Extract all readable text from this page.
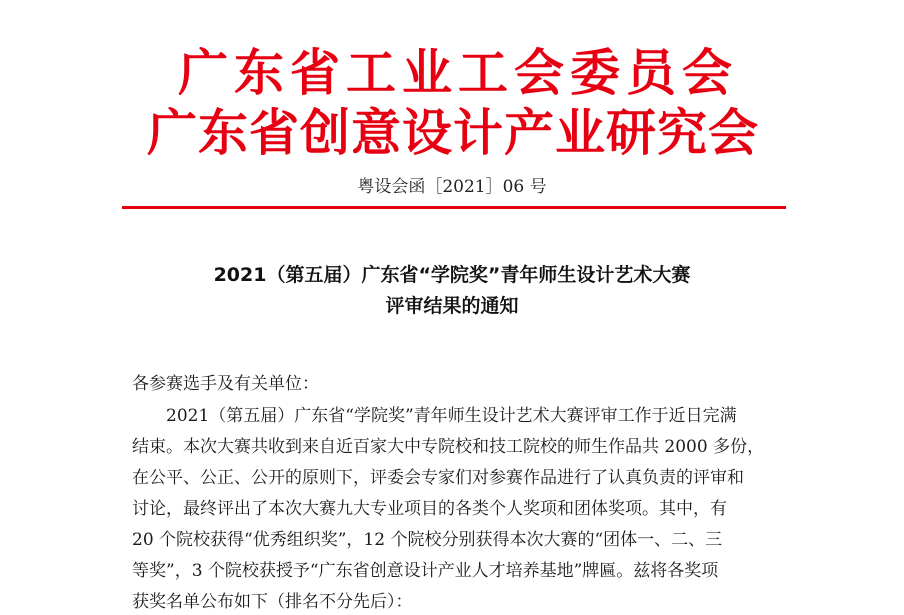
广东省工业工会委员会
广东省创意设计产业研究会
粤设会函［2021］06 号
2021（第五届）广东省“学院奖”青年师生设计艺术大赛
评审结果的通知
各参赛选手及有关单位：
2021（第五届）广东省“学院奖”青年师生设计艺术大赛评审工作于近日完满
结束。本次大赛共收到来自近百家大中专院校和技工院校的师生作品共 2000 多份，
在公平、公正、公开的原则下，评委会专家们对参赛作品进行了认真负责的评审和
讨论，最终评出了本次大赛九大专业项目的各类个人奖项和团体奖项。其中，有
20 个院校获得“优秀组织奖”，12 个院校分别获得本次大赛的“团体一、二、三
等奖”，3 个院校获授予“广东省创意设计产业人才培养基地”牌匾。兹将各奖项
获奖名单公布如下（排名不分先后）：
